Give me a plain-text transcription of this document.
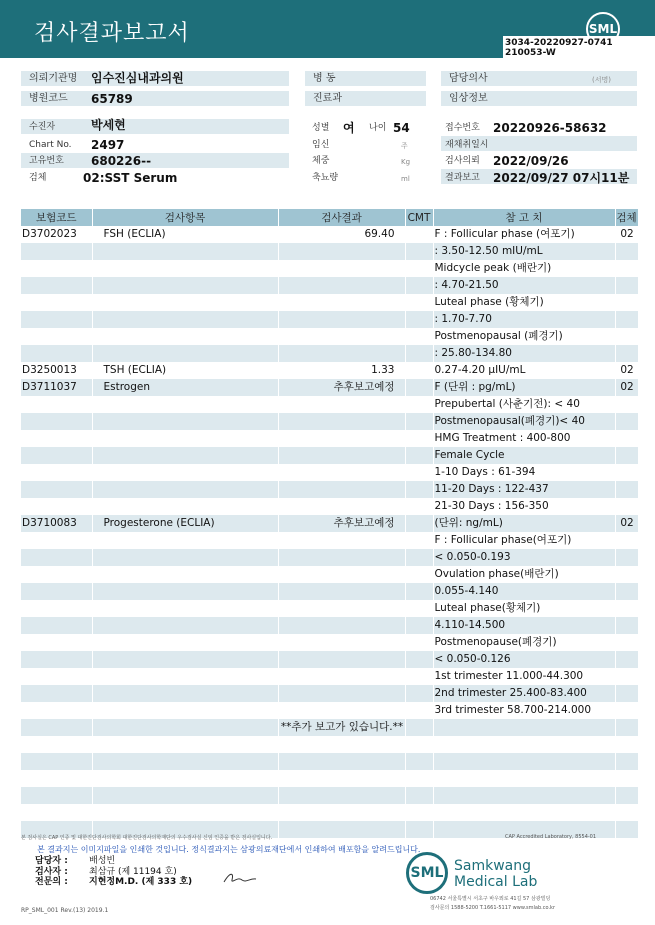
검사결과보고서	SML
3034-20220927-0741
210053-W
의뢰기관명	임수진심내과의원	병 동	담당의사	(서명)
병원코드	65789	진료과	임상정보
수진자	박세현	성별 여 나이 54	접수번호 20220926-58632
Chart No. 2497	임신	주	재채취일시
고유번호 680226--	체중	Kg	검사의뢰 2022/09/26
검체	02:SST Serum	축뇨량	ml	결과보고 2022/09/27 07시11분
보험코드	검사항목	검사결과	CMT	참 고 치	검체
D3702023	FSH (ECLIA)	69.40		F : Follicular phase (여포기)	02
				: 3.50-12.50 mIU/mL	
				Midcycle peak (배란기)	
				: 4.70-21.50	
				Luteal phase (황체기)	
				: 1.70-7.70	
				Postmenopausal (폐경기)	
				: 25.80-134.80	
D3250013	TSH (ECLIA)	1.33		0.27-4.20 µIU/mL	02
D3711037	Estrogen	추후보고예정		F (단위 : pg/mL)	02
				Prepubertal (사춘기전): < 40	
				Postmenopausal(폐경기)< 40	
				HMG Treatment : 400-800	
				Female Cycle	
				1-10 Days : 61-394	
				11-20 Days : 122-437	
				21-30 Days : 156-350	
D3710083	Progesterone (ECLIA)	추후보고예정		(단위: ng/mL)	02
				F : Follicular phase(여포기)	
				< 0.050-0.193	
				Ovulation phase(배란기)	
				0.055-4.140	
				Luteal phase(황체기)	
				4.110-14.500	
				Postmenopause(폐경기)	
				< 0.050-0.126	
				1st trimester 11.000-44.300	
				2nd trimester 25.400-83.400	
				3rd trimester 58.700-214.000	
		**추가 보고가 있습니다.**			

본 검사실은 CAP 인증 및 대한진단검사의학회 대한진단검사의학재단의 우수검사실 신임 인증을 받은 검사실입니다.	CAP Accredited Laboratory, 8554-01
본 결과지는 이미지파일을 인쇄한 것입니다. 정식결과지는 삼광의료재단에서 인쇄하여 배포함을 알려드립니다.
담당자 : 배성빈
검사자 : 최삼규 (제 11194 호)
전문의 : 지현정M.D. (제 333 호)
SML Samkwang
Medical Lab
06742 서울특별시 서초구 바우뫼로 41길 57 삼광빌딩
검사문의 1588-5200 T.1661-5117 www.smlab.co.kr
RP_SML_001 Rev.(13) 2019.1
